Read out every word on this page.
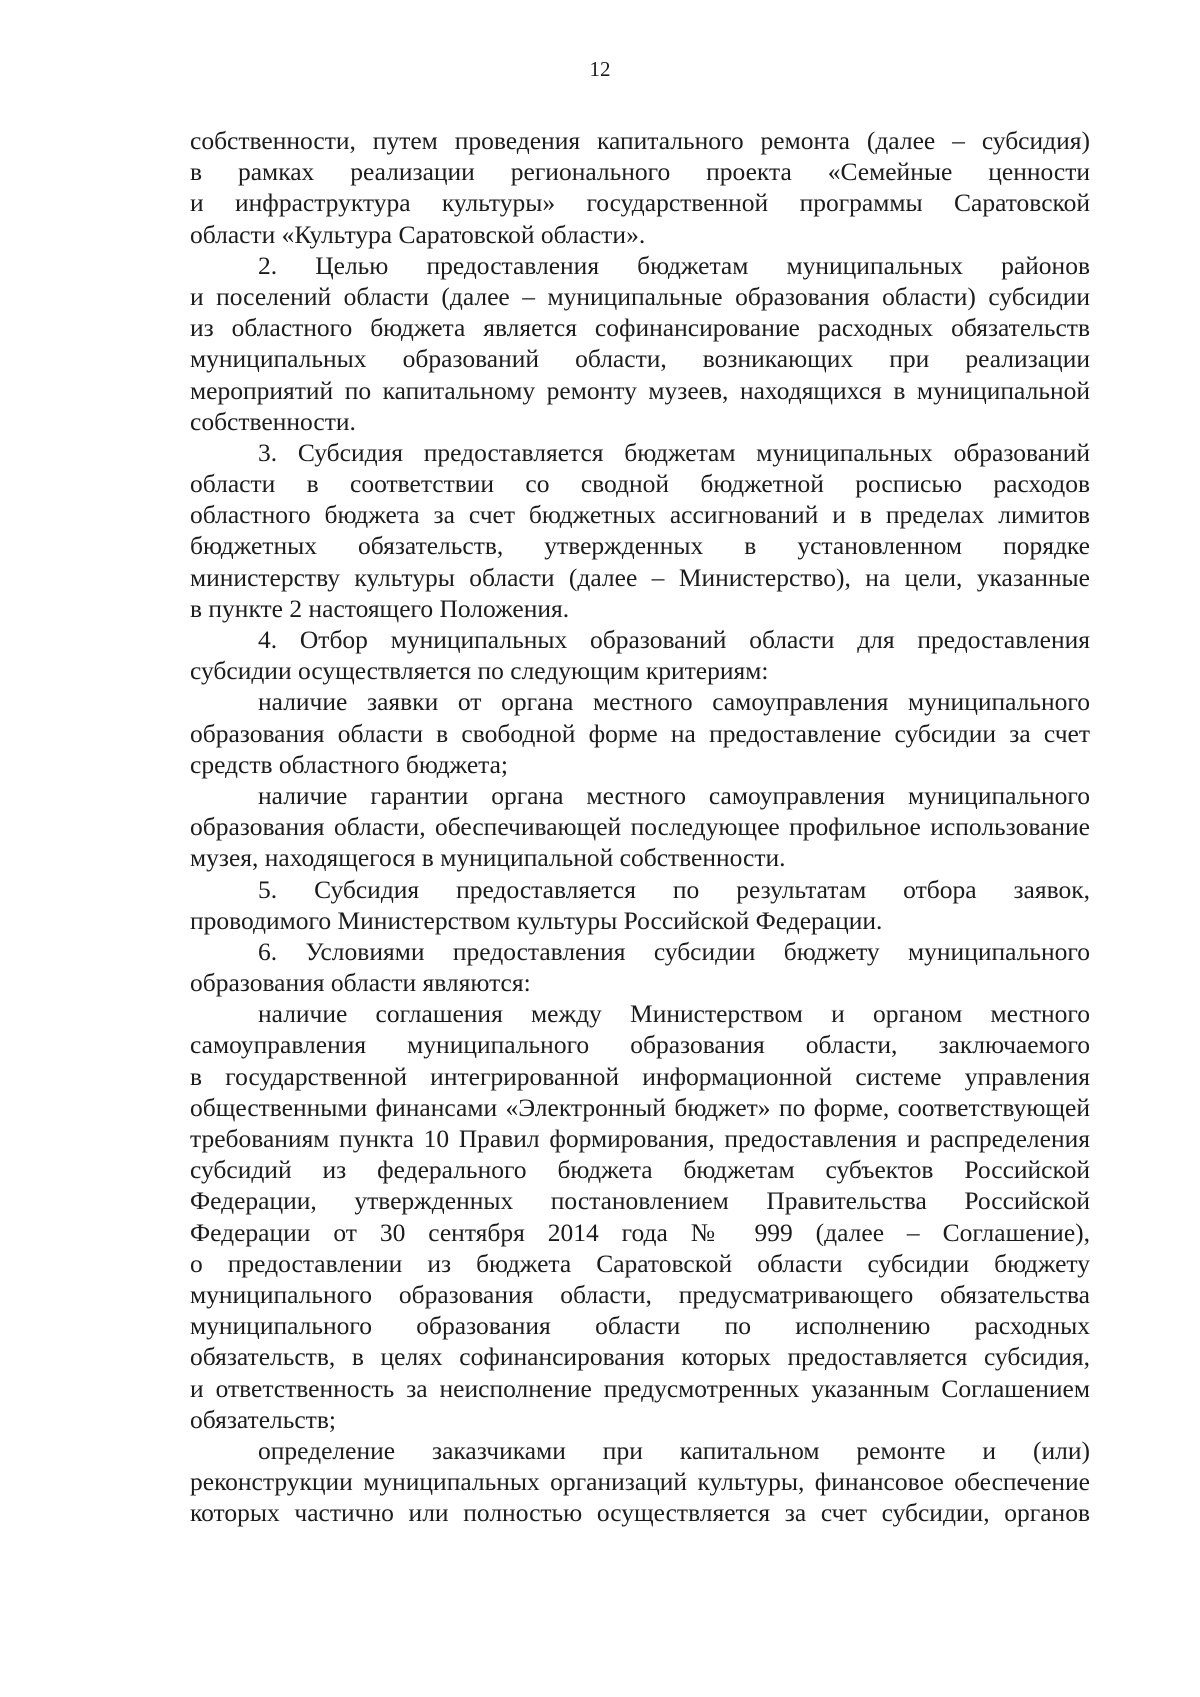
12
собственности, путем проведения капитального ремонта (далее – субсидия)
в рамках реализации регионального проекта «Семейные ценности
и инфраструктура культуры» государственной программы Саратовской
области «Культура Саратовской области».
2. Целью предоставления бюджетам муниципальных районов
и поселений области (далее – муниципальные образования области) субсидии
из областного бюджета является софинансирование расходных обязательств
муниципальных образований области, возникающих при реализации
мероприятий по капитальному ремонту музеев, находящихся в муниципальной
собственности.
3. Субсидия предоставляется бюджетам муниципальных образований
области в соответствии со сводной бюджетной росписью расходов
областного бюджета за счет бюджетных ассигнований и в пределах лимитов
бюджетных обязательств, утвержденных в установленном порядке
министерству культуры области (далее – Министерство), на цели, указанные
в пункте 2 настоящего Положения.
4. Отбор муниципальных образований области для предоставления
субсидии осуществляется по следующим критериям:
наличие заявки от органа местного самоуправления муниципального
образования области в свободной форме на предоставление субсидии за счет
средств областного бюджета;
наличие гарантии органа местного самоуправления муниципального
образования области, обеспечивающей последующее профильное использование
музея, находящегося в муниципальной собственности.
5. Субсидия предоставляется по результатам отбора заявок,
проводимого Министерством культуры Российской Федерации.
6. Условиями предоставления субсидии бюджету муниципального
образования области являются:
наличие соглашения между Министерством и органом местного
самоуправления муниципального образования области, заключаемого
в государственной интегрированной информационной системе управления
общественными финансами «Электронный бюджет» по форме, соответствующей
требованиям пункта 10 Правил формирования, предоставления и распределения
субсидий из федерального бюджета бюджетам субъектов Российской
Федерации, утвержденных постановлением Правительства Российской
Федерации от 30 сентября 2014 года № 999 (далее – Соглашение),
о предоставлении из бюджета Саратовской области субсидии бюджету
муниципального образования области, предусматривающего обязательства
муниципального образования области по исполнению расходных
обязательств, в целях софинансирования которых предоставляется субсидия,
и ответственность за неисполнение предусмотренных указанным Соглашением
обязательств;
определение заказчиками при капитальном ремонте и (или)
реконструкции муниципальных организаций культуры, финансовое обеспечение
которых частично или полностью осуществляется за счет субсидии, органов
